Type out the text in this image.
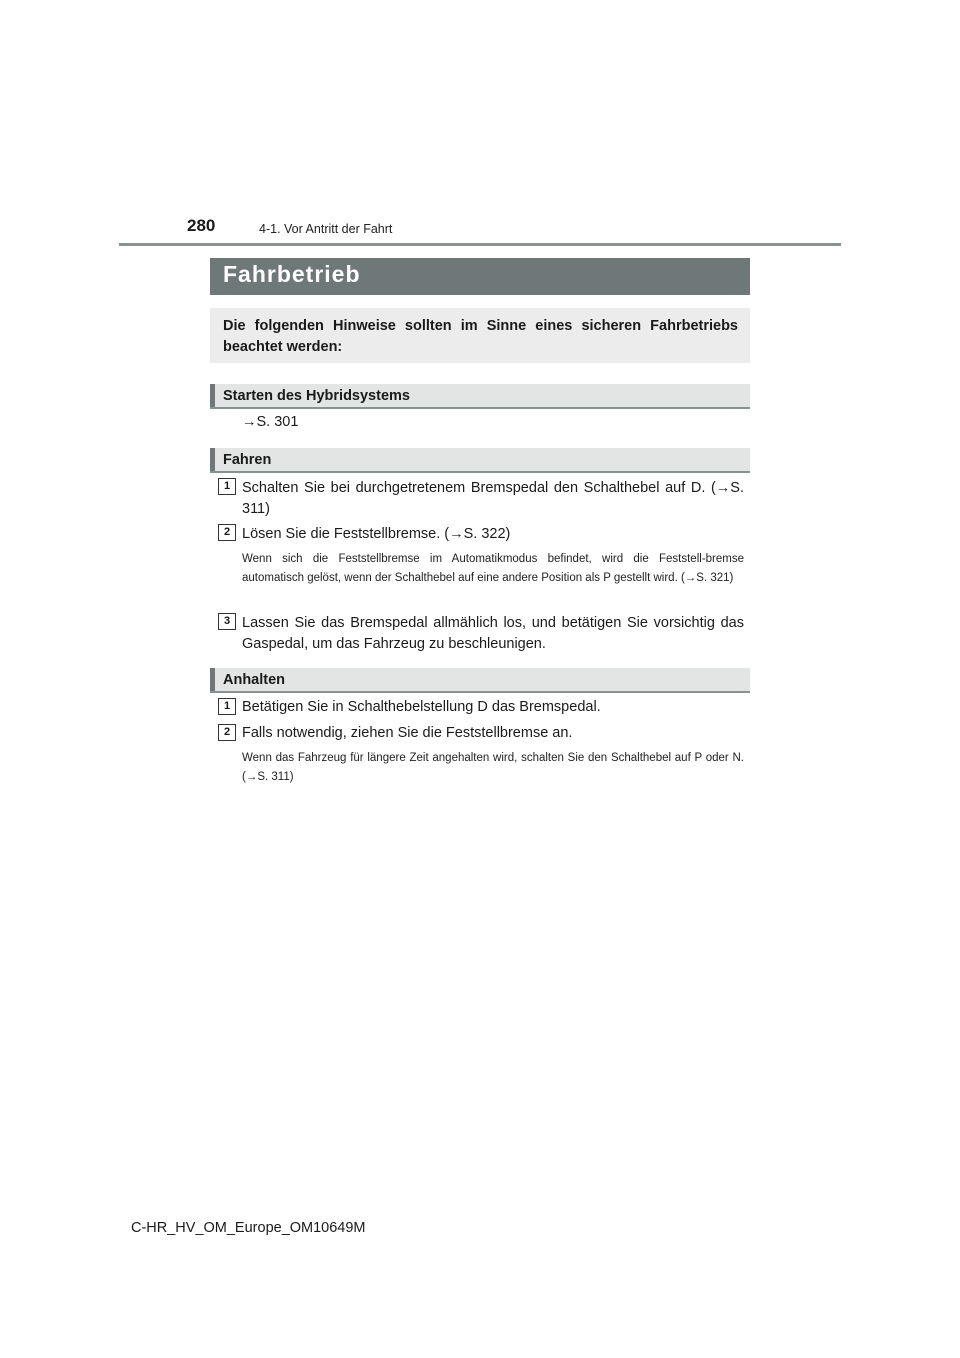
280	4-1. Vor Antritt der Fahrt
Fahrbetrieb
Die folgenden Hinweise sollten im Sinne eines sicheren Fahrbetriebs beachtet werden:
Starten des Hybridsystems
→S. 301
Fahren
1 Schalten Sie bei durchgetretenem Bremspedal den Schalthebel auf D. (→S. 311)
2 Lösen Sie die Feststellbremse. (→S. 322)
Wenn sich die Feststellbremse im Automatikmodus befindet, wird die Feststell-bremse automatisch gelöst, wenn der Schalthebel auf eine andere Position als P gestellt wird. (→S. 321)
3 Lassen Sie das Bremspedal allmählich los, und betätigen Sie vorsichtig das Gaspedal, um das Fahrzeug zu beschleunigen.
Anhalten
1 Betätigen Sie in Schalthebelstellung D das Bremspedal.
2 Falls notwendig, ziehen Sie die Feststellbremse an.
Wenn das Fahrzeug für längere Zeit angehalten wird, schalten Sie den Schalthebel auf P oder N. (→S. 311)
C-HR_HV_OM_Europe_OM10649M
